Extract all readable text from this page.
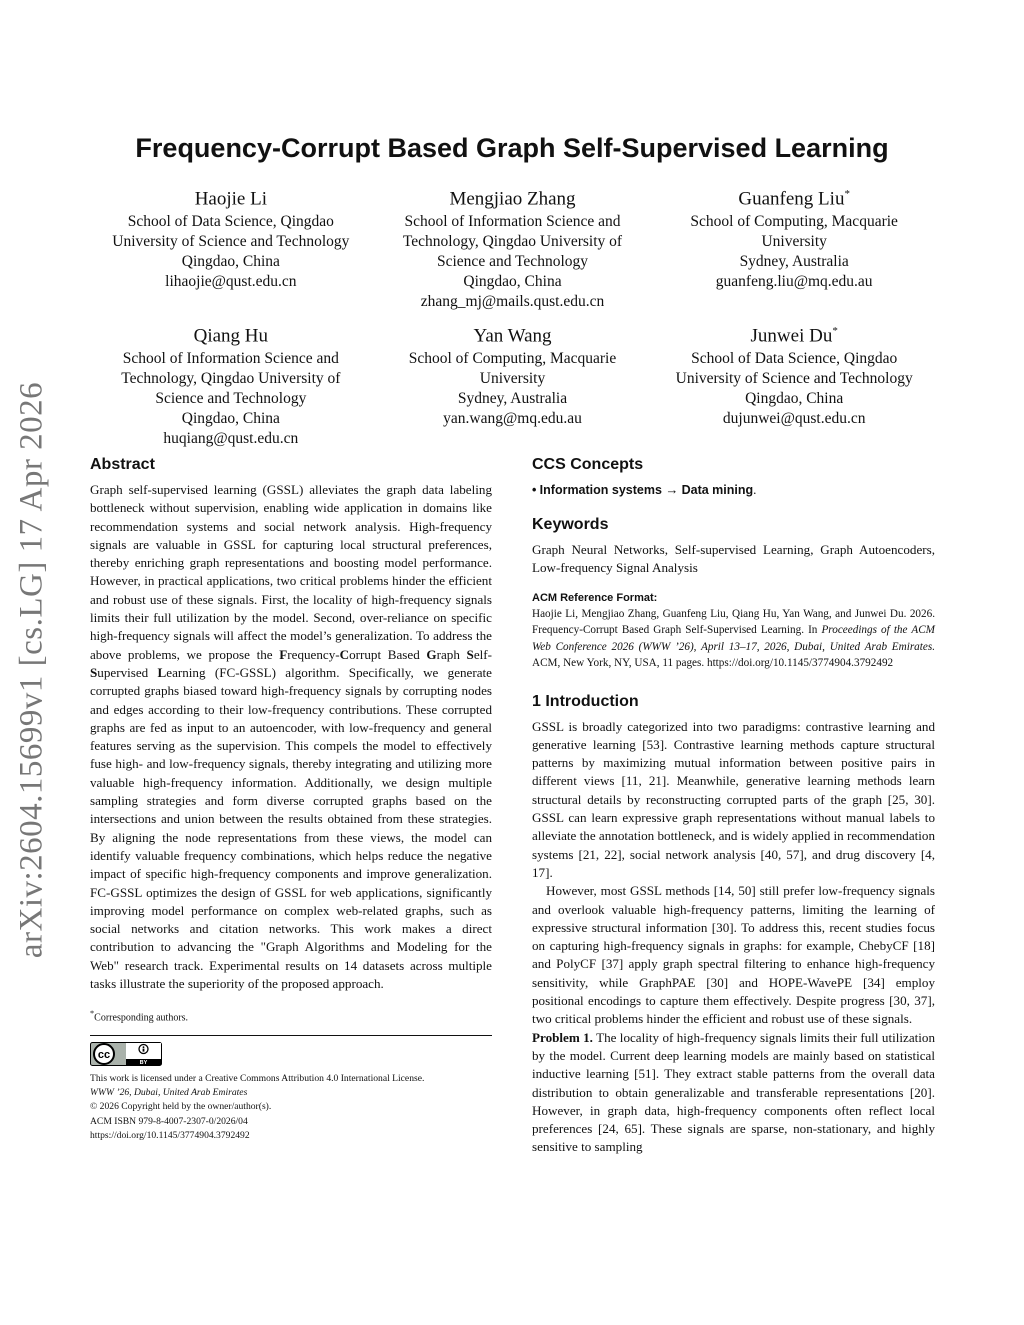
arXiv:2604.15699v1 [cs.LG] 17 Apr 2026
Frequency-Corrupt Based Graph Self-Supervised Learning
Haojie Li
School of Data Science, Qingdao
University of Science and Technology
Qingdao, China
lihaojie@qust.edu.cn
Mengjiao Zhang
School of Information Science and
Technology, Qingdao University of
Science and Technology
Qingdao, China
zhang_mj@mails.qust.edu.cn
Guanfeng Liu*
School of Computing, Macquarie
University
Sydney, Australia
guanfeng.liu@mq.edu.au
Qiang Hu
School of Information Science and
Technology, Qingdao University of
Science and Technology
Qingdao, China
huqiang@qust.edu.cn
Yan Wang
School of Computing, Macquarie
University
Sydney, Australia
yan.wang@mq.edu.au
Junwei Du*
School of Data Science, Qingdao
University of Science and Technology
Qingdao, China
dujunwei@qust.edu.cn
Abstract

Graph self-supervised learning (GSSL) alleviates the graph data labeling bottleneck without supervision, enabling wide application in domains like recommendation systems and social network analysis. High-frequency signals are valuable in GSSL for capturing local structural preferences, thereby enriching graph representations and boosting model performance. However, in practical applications, two critical problems hinder the efficient and robust use of these signals. First, the locality of high-frequency signals limits their full utilization by the model. Second, over-reliance on specific high-frequency signals will affect the model’s generalization. To address the above problems, we propose the Frequency-Corrupt Based Graph Self-Supervised Learning (FC-GSSL) algorithm. Specifically, we generate corrupted graphs biased toward high-frequency signals by corrupting nodes and edges according to their low-frequency contributions. These corrupted graphs are fed as input to an autoencoder, with low-frequency and general features serving as the supervision. This compels the model to effectively fuse high- and low-frequency signals, thereby integrating and utilizing more valuable high-frequency information. Additionally, we design multiple sampling strategies and form diverse corrupted graphs based on the intersections and union between the results obtained from these strategies. By aligning the node representations from these views, the model can identify valuable frequency combinations, which helps reduce the negative impact of specific high-frequency components and improve generalization. FC-GSSL optimizes the design of GSSL for web applications, significantly improving model performance on complex web-related graphs, such as social networks and citation networks. This work makes a direct contribution to advancing the "Graph Algorithms and Modeling for the Web" research track. Experimental results on 14 datasets across multiple tasks illustrate the superiority of the proposed approach.

*Corresponding authors.
cc
BY
This work is licensed under a Creative Commons Attribution 4.0 International License.
WWW ’26, Dubai, United Arab Emirates
© 2026 Copyright held by the owner/author(s).
ACM ISBN 979-8-4007-2307-0/2026/04
https://doi.org/10.1145/3774904.3792492
CCS Concepts
• Information systems → Data mining.
Keywords

Graph Neural Networks, Self-supervised Learning, Graph Autoencoders, Low-frequency Signal Analysis

ACM Reference Format:
Haojie Li, Mengjiao Zhang, Guanfeng Liu, Qiang Hu, Yan Wang, and Junwei Du. 2026. Frequency-Corrupt Based Graph Self-Supervised Learning. In Proceedings of the ACM Web Conference 2026 (WWW ’26), April 13–17, 2026, Dubai, United Arab Emirates. ACM, New York, NY, USA, 11 pages. https://doi.org/10.1145/3774904.3792492
1 Introduction

GSSL is broadly categorized into two paradigms: contrastive learning and generative learning [53]. Contrastive learning methods capture structural patterns by maximizing mutual information between positive pairs in different views [11, 21]. Meanwhile, generative learning methods learn structural details by reconstructing corrupted parts of the graph [25, 30]. GSSL can learn expressive graph representations without manual labels to alleviate the annotation bottleneck, and is widely applied in recommendation systems [21, 22], social network analysis [40, 57], and drug discovery [4, 17].

However, most GSSL methods [14, 50] still prefer low-frequency signals and overlook valuable high-frequency patterns, limiting the learning of expressive structural information [30]. To address this, recent studies focus on capturing high-frequency signals in graphs: for example, ChebyCF [18] and PolyCF [37] apply graph spectral filtering to enhance high-frequency sensitivity, while GraphPAE [30] and HOPE-WavePE [34] employ positional encodings to capture them effectively. Despite progress [30, 37], two critical problems hinder the efficient and robust use of these signals.

Problem 1. The locality of high-frequency signals limits their full utilization by the model. Current deep learning models are mainly based on statistical inductive learning [51]. They extract stable patterns from the overall data distribution to obtain generalizable and transferable representations [20]. However, in graph data, high-frequency components often reflect local preferences [24, 65]. These signals are sparse, non-stationary, and highly sensitive to sampling
